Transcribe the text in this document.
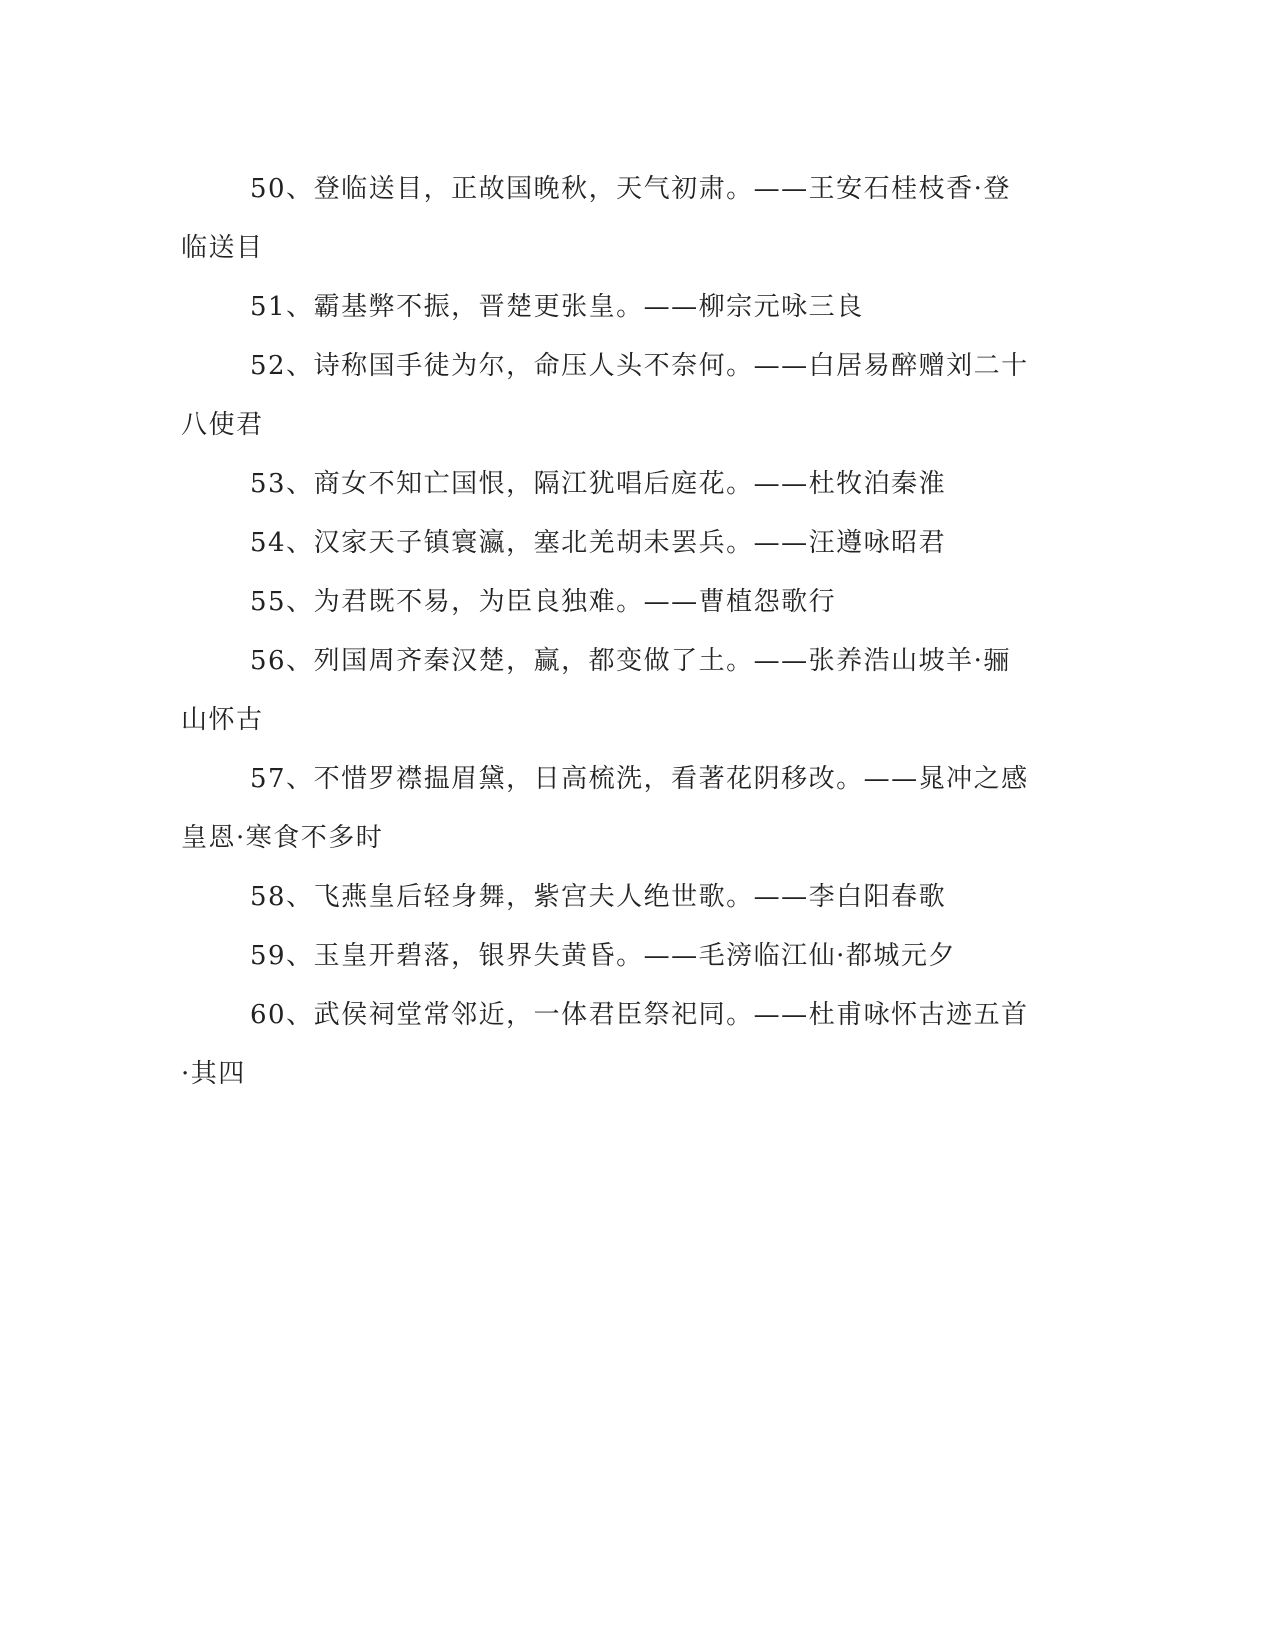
50、登临送目，正故国晚秋，天气初肃。——王安石桂枝香·登临送目

51、霸基弊不振，晋楚更张皇。——柳宗元咏三良

52、诗称国手徒为尔，命压人头不奈何。——白居易醉赠刘二十八使君

53、商女不知亡国恨，隔江犹唱后庭花。——杜牧泊秦淮

54、汉家天子镇寰瀛，塞北羌胡未罢兵。——汪遵咏昭君

55、为君既不易，为臣良独难。——曹植怨歌行

56、列国周齐秦汉楚，赢，都变做了土。——张养浩山坡羊·骊山怀古

57、不惜罗襟揾眉黛，日高梳洗，看著花阴移改。——晁冲之感皇恩·寒食不多时

58、飞燕皇后轻身舞，紫宫夫人绝世歌。——李白阳春歌

59、玉皇开碧落，银界失黄昏。——毛滂临江仙·都城元夕

60、武侯祠堂常邻近，一体君臣祭祀同。——杜甫咏怀古迹五首·其四
